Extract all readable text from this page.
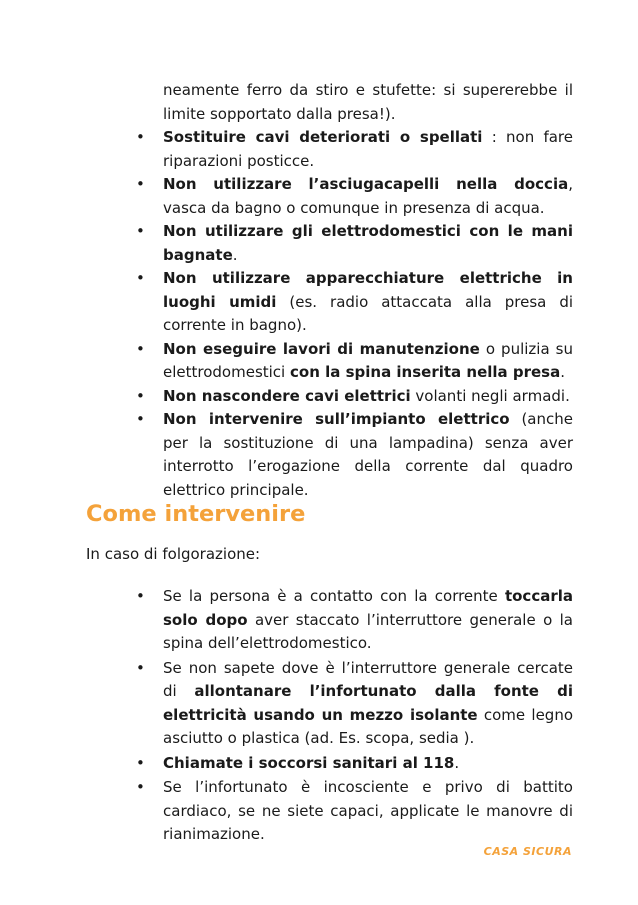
neamente ferro da stiro e stufette: si supererebbe il limite sopportato dalla presa!).
• Sostituire cavi deteriorati o spellati : non fare riparazioni posticce.
• Non utilizzare l’asciugacapelli nella doccia, vasca da bagno o comunque in presenza di acqua.
• Non utilizzare gli elettrodomestici con le mani bagnate.
• Non utilizzare apparecchiature elettriche in luoghi umidi (es. radio attaccata alla presa di corrente in bagno).
• Non eseguire lavori di manutenzione o pulizia su elettrodomestici con la spina inserita nella presa.
• Non nascondere cavi elettrici volanti negli armadi.
• Non intervenire sull’impianto elettrico (anche per la sostituzione di una lampadina) senza aver interrotto l’erogazione della corrente dal quadro elettrico principale.
Come intervenire

In caso di folgorazione:

• Se la persona è a contatto con la corrente toccarla solo dopo aver staccato l’interruttore generale o la spina dell’elettrodomestico.
• Se non sapete dove è l’interruttore generale cercate di allontanare l’infortunato dalla fonte di elettricità usando un mezzo isolante come legno asciutto o plastica (ad. Es. scopa, sedia ).
• Chiamate i soccorsi sanitari al 118.
• Se l’infortunato è incosciente e privo di battito cardiaco, se ne siete capaci, applicate le manovre di rianimazione.
CASA SICURA
